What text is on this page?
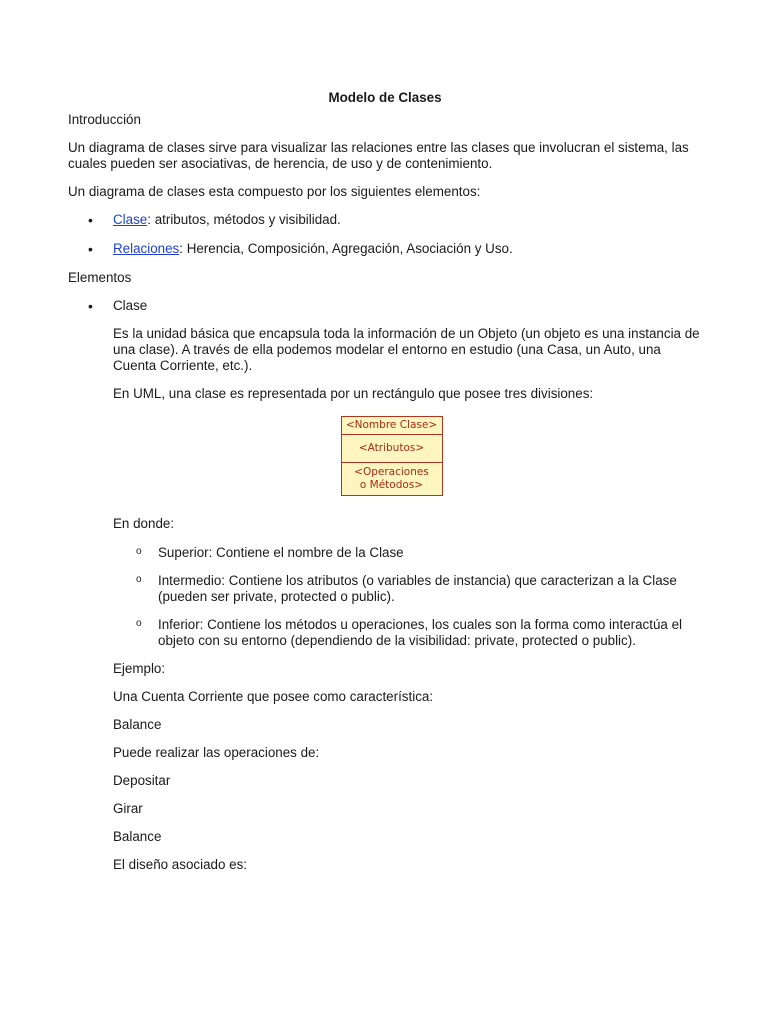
Modelo de Clases

Introducción

Un diagrama de clases sirve para visualizar las relaciones entre las clases que involucran el sistema, las cuales pueden ser asociativas, de herencia, de uso y de contenimiento.

Un diagrama de clases esta compuesto por los siguientes elementos:

• Clase: atributos, métodos y visibilidad.
• Relaciones: Herencia, Composición, Agregación, Asociación y Uso.

Elementos

• Clase

Es la unidad básica que encapsula toda la información de un Objeto (un objeto es una instancia de una clase). A través de ella podemos modelar el entorno en estudio (una Casa, un Auto, una Cuenta Corriente, etc.).

En UML, una clase es representada por un rectángulo que posee tres divisiones:

<Nombre Clase>
<Atributos>
<Operaciones
o Métodos>

En donde:

o Superior: Contiene el nombre de la Clase
o Intermedio: Contiene los atributos (o variables de instancia) que caracterizan a la Clase (pueden ser private, protected o public).
o Inferior: Contiene los métodos u operaciones, los cuales son la forma como interactúa el objeto con su entorno (dependiendo de la visibilidad: private, protected o public).

Ejemplo:

Una Cuenta Corriente que posee como característica:

Balance

Puede realizar las operaciones de:

Depositar

Girar

Balance

El diseño asociado es:
